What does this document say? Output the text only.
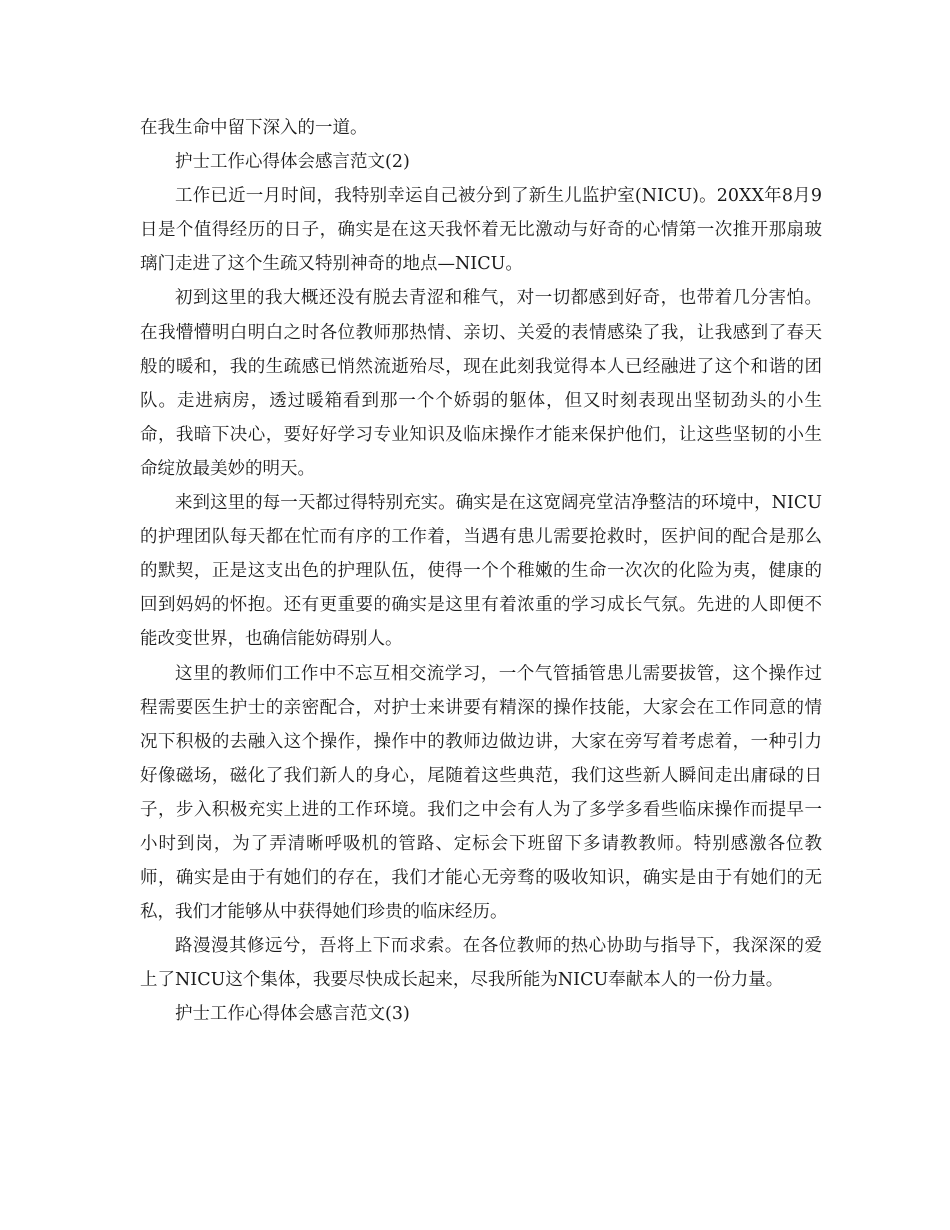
在我生命中留下深入的一道。

护士工作心得体会感言范文(2)

工作已近一月时间，我特别幸运自己被分到了新生儿监护室(NICU)。20XX年8月9日是个值得经历的日子，确实是在这天我怀着无比激动与好奇的心情第一次推开那扇玻璃门走进了这个生疏又特别神奇的地点—NICU。

初到这里的我大概还没有脱去青涩和稚气，对一切都感到好奇，也带着几分害怕。在我懵懵明白明白之时各位教师那热情、亲切、关爱的表情感染了我，让我感到了春天般的暖和，我的生疏感已悄然流逝殆尽，现在此刻我觉得本人已经融进了这个和谐的团队。走进病房，透过暖箱看到那一个个娇弱的躯体，但又时刻表现出坚韧劲头的小生命，我暗下决心，要好好学习专业知识及临床操作才能来保护他们，让这些坚韧的小生命绽放最美妙的明天。

来到这里的每一天都过得特别充实。确实是在这宽阔亮堂洁净整洁的环境中，NICU的护理团队每天都在忙而有序的工作着，当遇有患儿需要抢救时，医护间的配合是那么的默契，正是这支出色的护理队伍，使得一个个稚嫩的生命一次次的化险为夷，健康的回到妈妈的怀抱。还有更重要的确实是这里有着浓重的学习成长气氛。先进的人即便不能改变世界，也确信能妨碍别人。

这里的教师们工作中不忘互相交流学习，一个气管插管患儿需要拔管，这个操作过程需要医生护士的亲密配合，对护士来讲要有精深的操作技能，大家会在工作同意的情况下积极的去融入这个操作，操作中的教师边做边讲，大家在旁写着考虑着，一种引力好像磁场，磁化了我们新人的身心，尾随着这些典范，我们这些新人瞬间走出庸碌的日子，步入积极充实上进的工作环境。我们之中会有人为了多学多看些临床操作而提早一小时到岗，为了弄清晰呼吸机的管路、定标会下班留下多请教教师。特别感激各位教师，确实是由于有她们的存在，我们才能心无旁骛的吸收知识，确实是由于有她们的无私，我们才能够从中获得她们珍贵的临床经历。

路漫漫其修远兮，吾将上下而求索。在各位教师的热心协助与指导下，我深深的爱上了NICU这个集体，我要尽快成长起来，尽我所能为NICU奉献本人的一份力量。

护士工作心得体会感言范文(3)
